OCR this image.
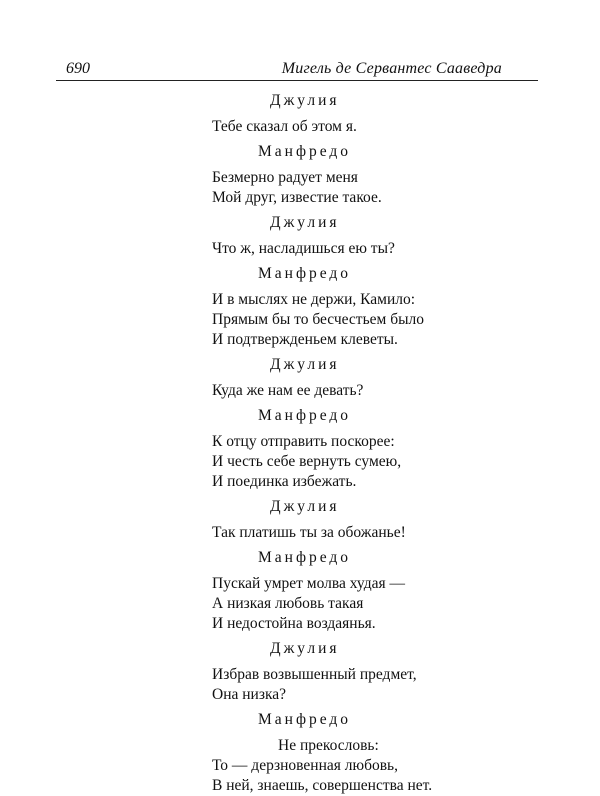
690	Мигель де Сервантес Сааведра
Джулия
Тебе сказал об этом я.
Манфредо
Безмерно радует меня
Мой друг, известие такое.
Джулия
Что ж, насладишься ею ты?
Манфредо
И в мыслях не держи, Камило:
Прямым бы то бесчестьем было
И подтвержденьем клеветы.
Джулия
Куда же нам ее девать?
Манфредо
К отцу отправить поскорее:
И честь себе вернуть сумею,
И поединка избежать.
Джулия
Так платишь ты за обожанье!
Манфредо
Пускай умрет молва худая —
А низкая любовь такая
И недостойна воздаянья.
Джулия
Избрав возвышенный предмет,
Она низка?
Манфредо
Не прекословь:
То — дерзновенная любовь,
В ней, знаешь, совершенства нет.
